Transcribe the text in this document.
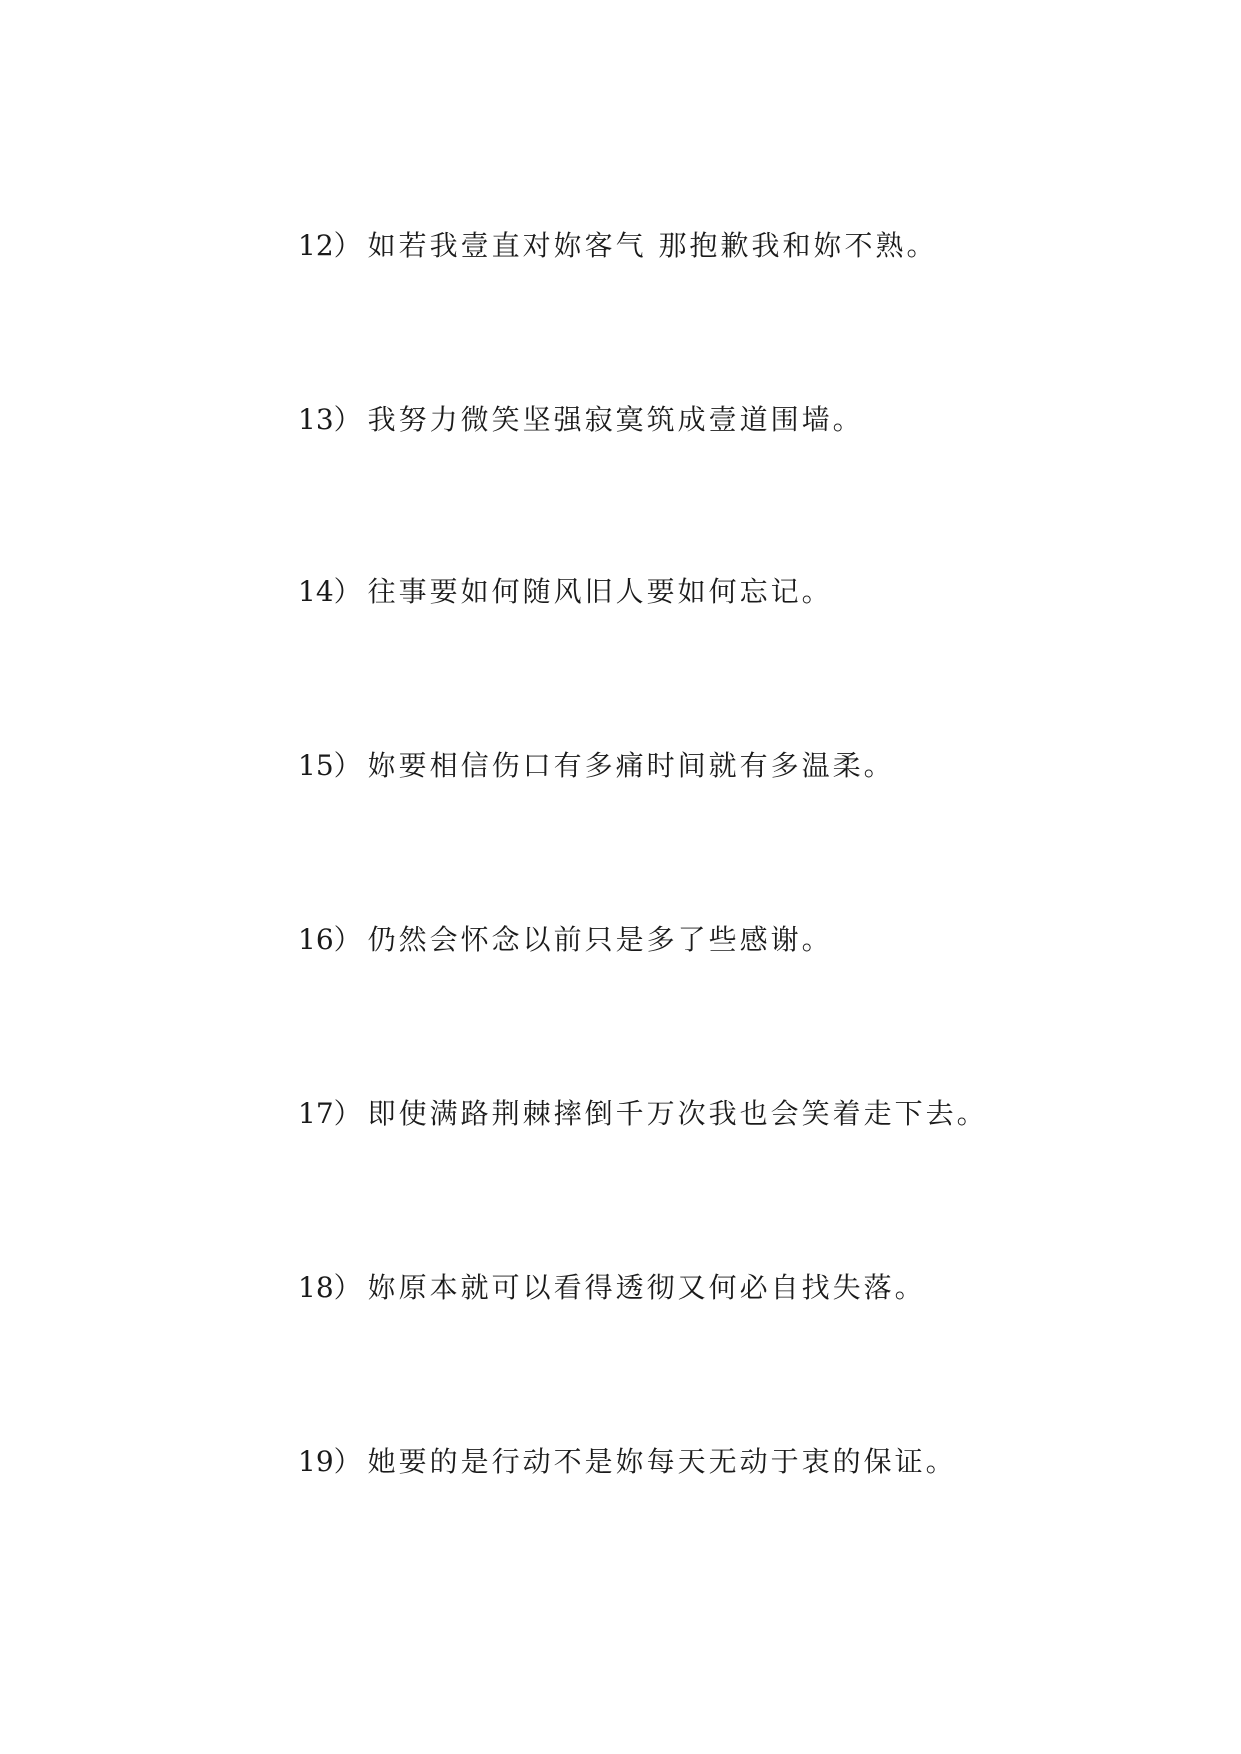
12） 如若我壹直对妳客气 那抱歉我和妳不熟。
13） 我努力微笑坚强寂寞筑成壹道围墙。
14） 往事要如何随风旧人要如何忘记。
15） 妳要相信伤口有多痛时间就有多温柔。
16） 仍然会怀念以前只是多了些感谢。
17） 即使满路荆棘摔倒千万次我也会笑着走下去。
18） 妳原本就可以看得透彻又何必自找失落。
19） 她要的是行动不是妳每天无动于衷的保证。
